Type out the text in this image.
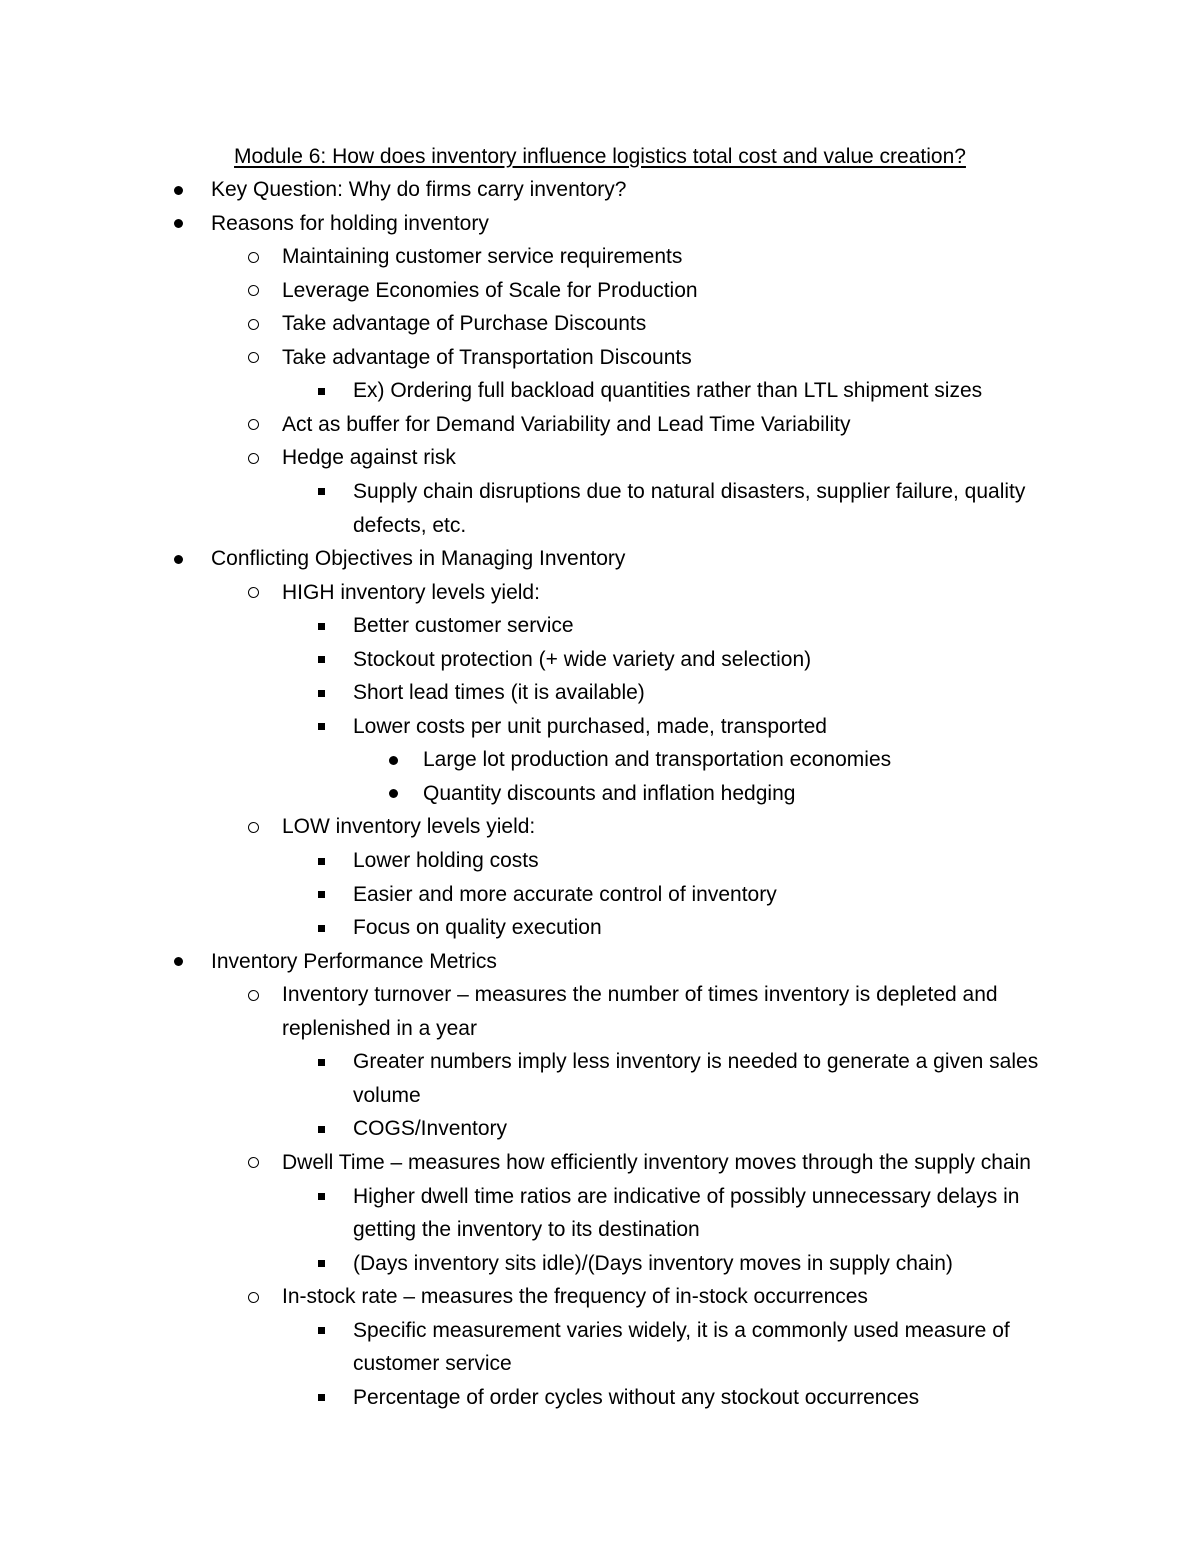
Module 6: How does inventory influence logistics total cost and value creation?
Key Question: Why do firms carry inventory?
Reasons for holding inventory
Maintaining customer service requirements
Leverage Economies of Scale for Production
Take advantage of Purchase Discounts
Take advantage of Transportation Discounts
Ex) Ordering full backload quantities rather than LTL shipment sizes
Act as buffer for Demand Variability and Lead Time Variability
Hedge against risk
Supply chain disruptions due to natural disasters, supplier failure, quality
defects, etc.
Conflicting Objectives in Managing Inventory
HIGH inventory levels yield:
Better customer service
Stockout protection (+ wide variety and selection)
Short lead times (it is available)
Lower costs per unit purchased, made, transported
Large lot production and transportation economies
Quantity discounts and inflation hedging
LOW inventory levels yield:
Lower holding costs
Easier and more accurate control of inventory
Focus on quality execution
Inventory Performance Metrics
Inventory turnover – measures the number of times inventory is depleted and
replenished in a year
Greater numbers imply less inventory is needed to generate a given sales
volume
COGS/Inventory
Dwell Time – measures how efficiently inventory moves through the supply chain
Higher dwell time ratios are indicative of possibly unnecessary delays in
getting the inventory to its destination
(Days inventory sits idle)/(Days inventory moves in supply chain)
In-stock rate – measures the frequency of in-stock occurrences
Specific measurement varies widely, it is a commonly used measure of
customer service
Percentage of order cycles without any stockout occurrences
